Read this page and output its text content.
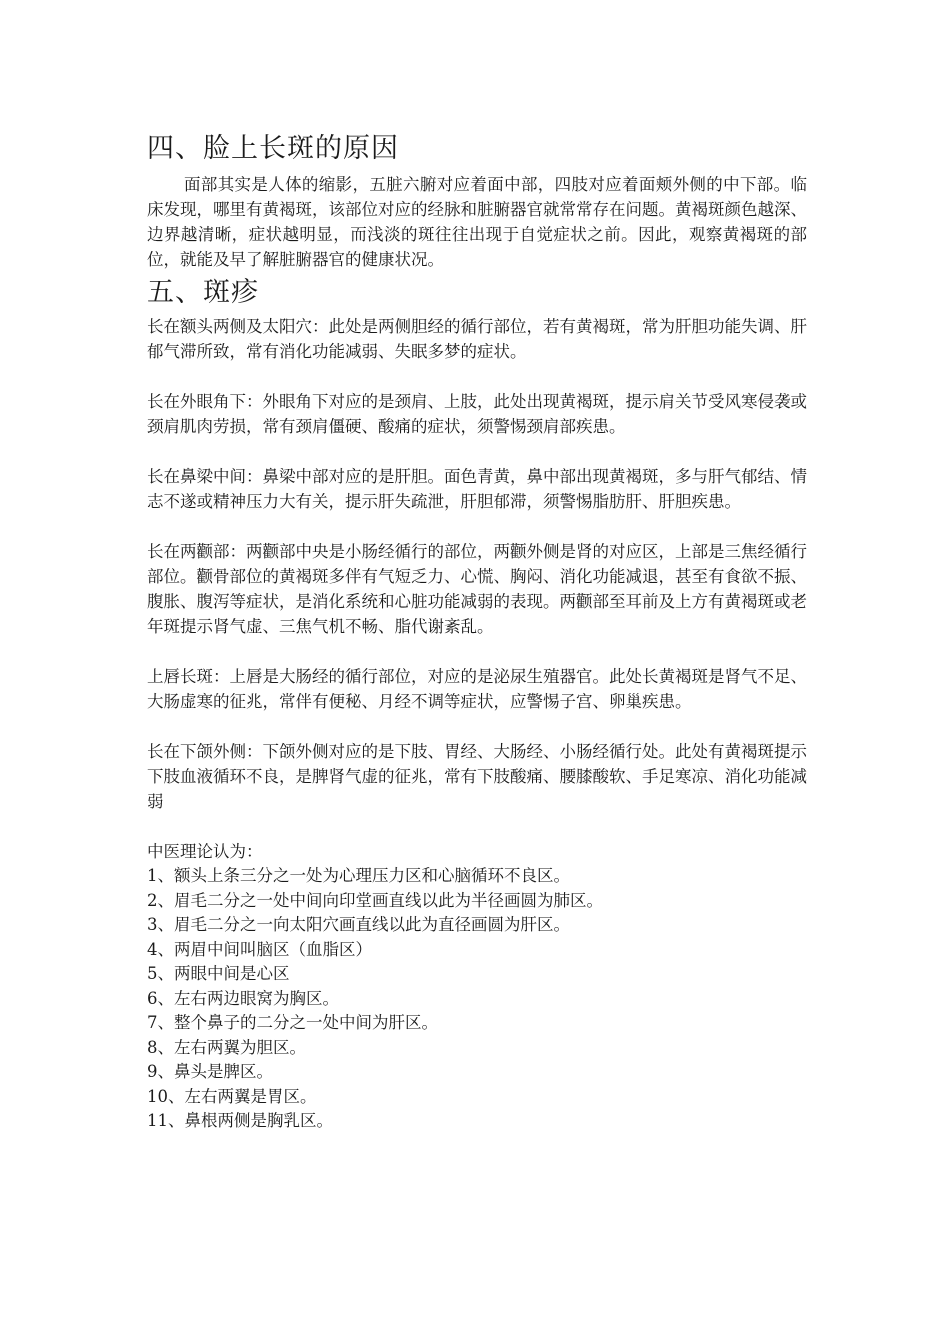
四、脸上长斑的原因

面部其实是人体的缩影，五脏六腑对应着面中部，四肢对应着面颊外侧的中下部。临床发现，哪里有黄褐斑，该部位对应的经脉和脏腑器官就常常存在问题。黄褐斑颜色越深、边界越清晰，症状越明显，而浅淡的斑往往出现于自觉症状之前。因此，观察黄褐斑的部位，就能及早了解脏腑器官的健康状况。

五、斑疹

长在额头两侧及太阳穴：此处是两侧胆经的循行部位，若有黄褐斑，常为肝胆功能失调、肝郁气滞所致，常有消化功能减弱、失眠多梦的症状。

长在外眼角下：外眼角下对应的是颈肩、上肢，此处出现黄褐斑，提示肩关节受风寒侵袭或颈肩肌肉劳损，常有颈肩僵硬、酸痛的症状，须警惕颈肩部疾患。

长在鼻梁中间：鼻梁中部对应的是肝胆。面色青黄，鼻中部出现黄褐斑，多与肝气郁结、情志不遂或精神压力大有关，提示肝失疏泄，肝胆郁滞，须警惕脂肪肝、肝胆疾患。

长在两颧部：两颧部中央是小肠经循行的部位，两颧外侧是肾的对应区，上部是三焦经循行部位。颧骨部位的黄褐斑多伴有气短乏力、心慌、胸闷、消化功能减退，甚至有食欲不振、腹胀、腹泻等症状，是消化系统和心脏功能减弱的表现。两颧部至耳前及上方有黄褐斑或老年斑提示肾气虚、三焦气机不畅、脂代谢紊乱。

上唇长斑：上唇是大肠经的循行部位，对应的是泌尿生殖器官。此处长黄褐斑是肾气不足、大肠虚寒的征兆，常伴有便秘、月经不调等症状，应警惕子宫、卵巢疾患。

长在下颌外侧：下颌外侧对应的是下肢、胃经、大肠经、小肠经循行处。此处有黄褐斑提示下肢血液循环不良，是脾肾气虚的征兆，常有下肢酸痛、腰膝酸软、手足寒凉、消化功能减弱

中医理论认为：

1、额头上条三分之一处为心理压力区和心脑循环不良区。

2、眉毛二分之一处中间向印堂画直线以此为半径画圆为肺区。

3、眉毛二分之一向太阳穴画直线以此为直径画圆为肝区。

4、两眉中间叫脑区（血脂区）

5、两眼中间是心区

6、左右两边眼窝为胸区。

7、整个鼻子的二分之一处中间为肝区。

8、左右两翼为胆区。

9、鼻头是脾区。

10、左右两翼是胃区。

11、鼻根两侧是胸乳区。
